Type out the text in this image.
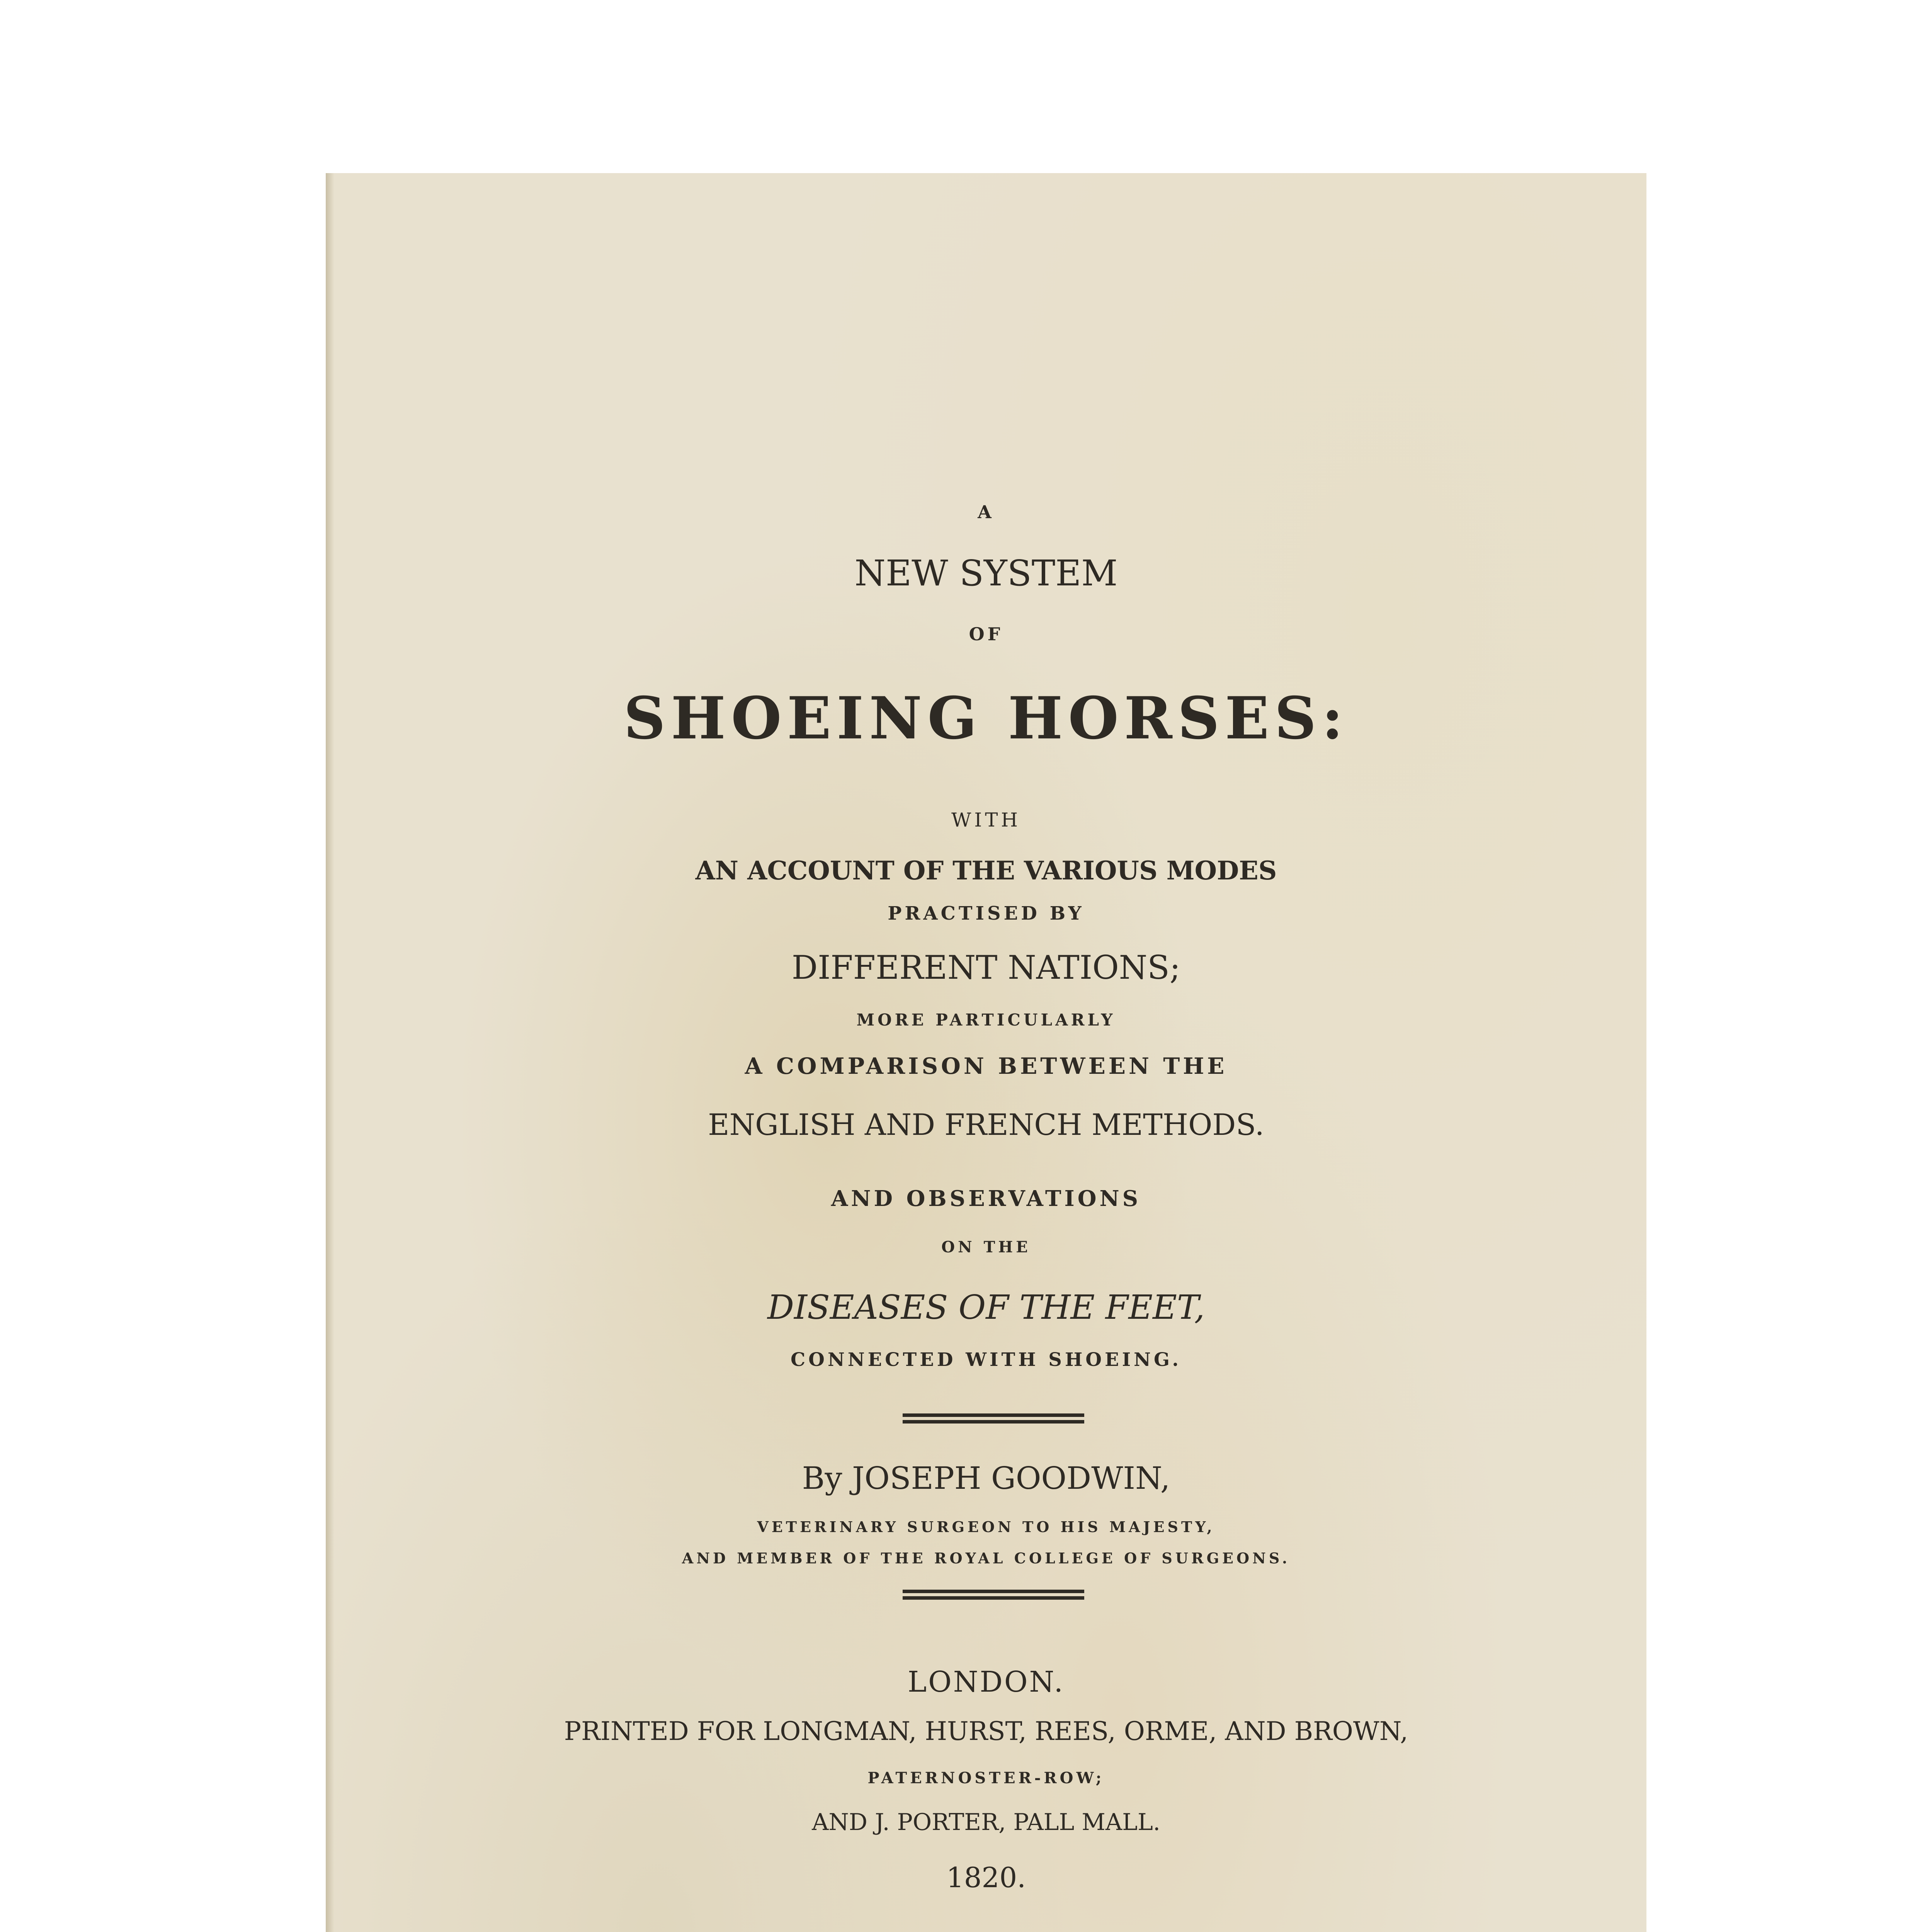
A
NEW SYSTEM
OF
SHOEING HORSES:
WITH
AN ACCOUNT OF THE VARIOUS MODES
PRACTISED BY
DIFFERENT NATIONS;
MORE PARTICULARLY
A COMPARISON BETWEEN THE
ENGLISH AND FRENCH METHODS.
AND OBSERVATIONS
ON THE
DISEASES OF THE FEET,
CONNECTED WITH SHOEING.
By JOSEPH GOODWIN,
VETERINARY SURGEON TO HIS MAJESTY,
AND MEMBER OF THE ROYAL COLLEGE OF SURGEONS.
LONDON.
PRINTED FOR LONGMAN, HURST, REES, ORME, AND BROWN,
PATERNOSTER-ROW;
AND J. PORTER, PALL MALL.
1820.
